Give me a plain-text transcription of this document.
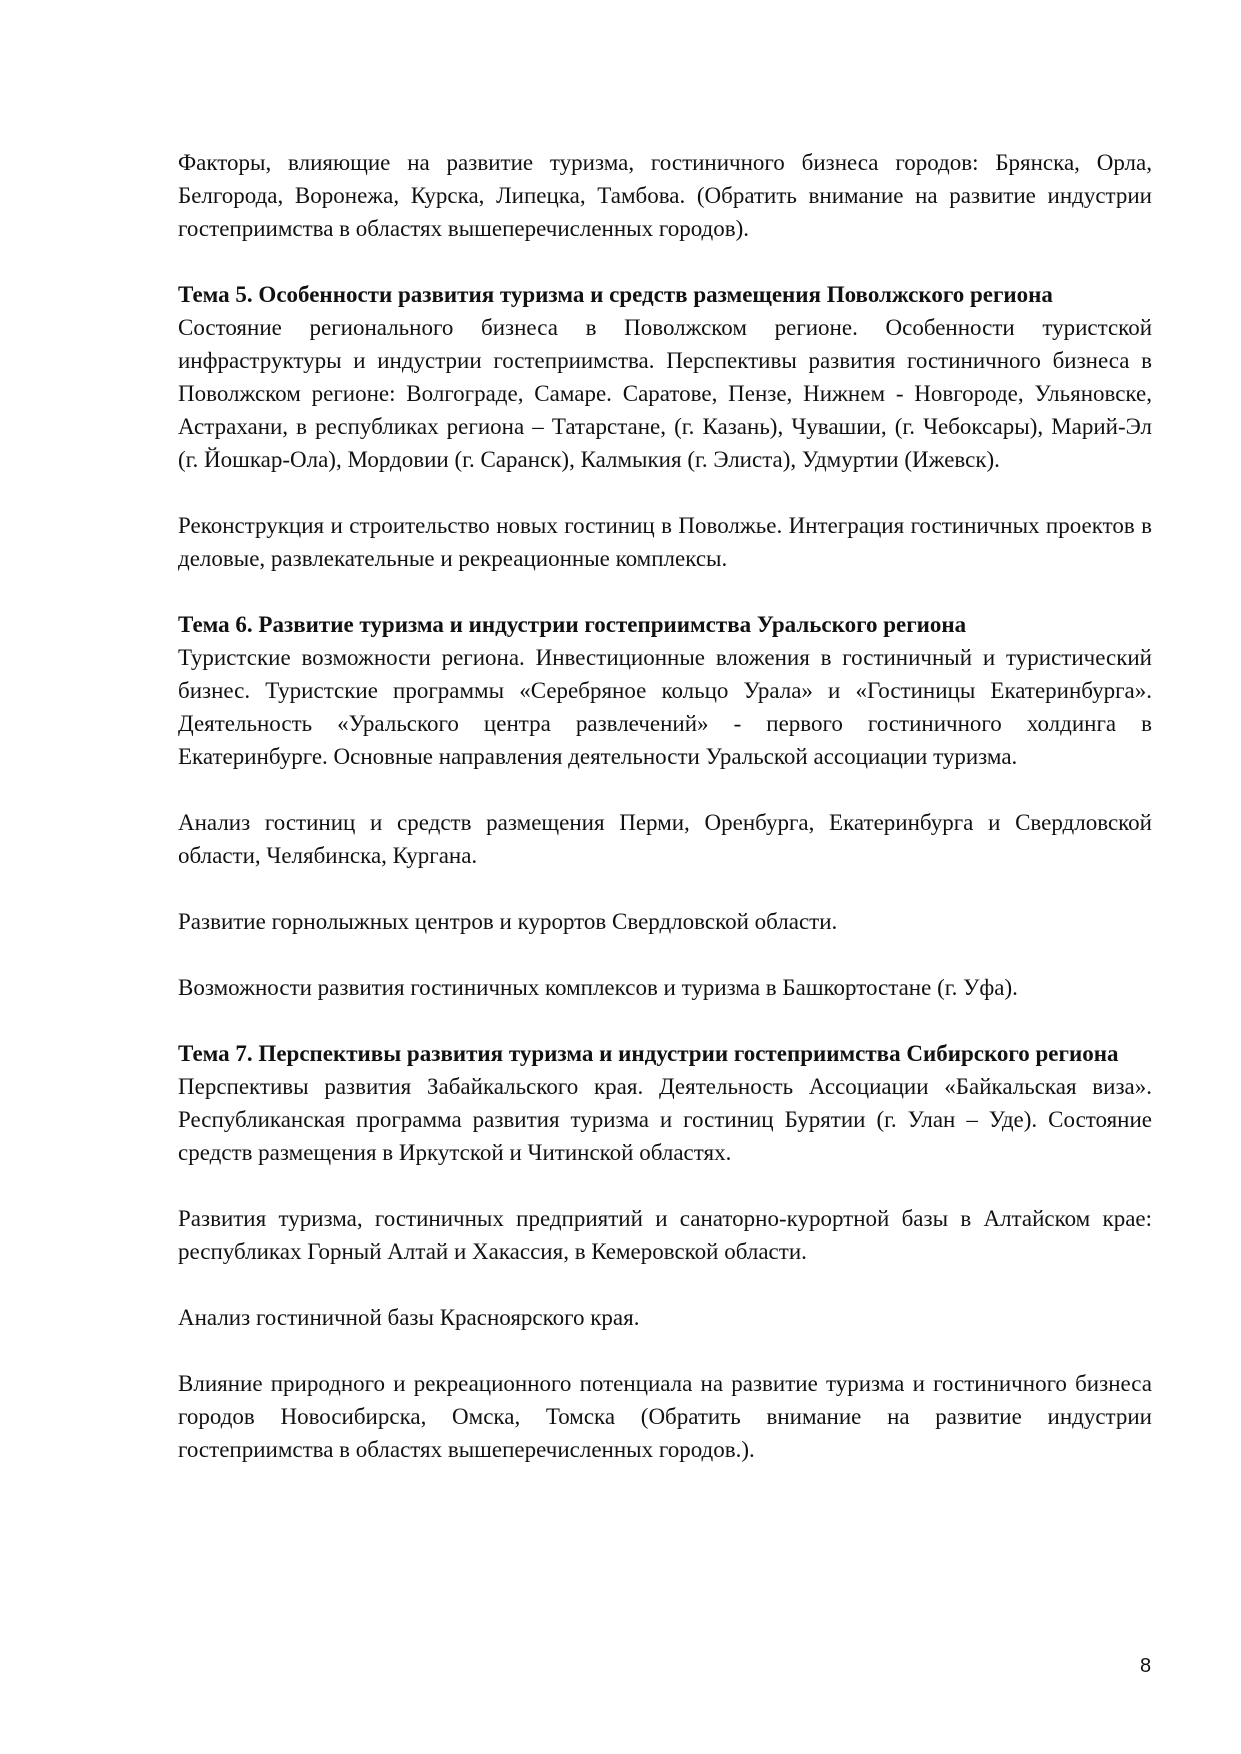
Факторы, влияющие на развитие туризма, гостиничного бизнеса городов: Брянска, Орла, Белгорода, Воронежа, Курска, Липецка, Тамбова. (Обратить внимание на развитие индустрии гостеприимства в областях вышеперечисленных городов).

Тема 5. Особенности развития туризма и средств размещения Поволжского региона

Состояние регионального бизнеса в Поволжском регионе. Особенности туристской инфраструктуры и индустрии гостеприимства. Перспективы развития гостиничного бизнеса в Поволжском регионе: Волгограде, Самаре. Саратове, Пензе, Нижнем - Новгороде, Ульяновске, Астрахани, в республиках региона – Татарстане, (г. Казань), Чувашии, (г. Чебоксары), Марий-Эл (г. Йошкар-Ола), Мордовии (г. Саранск), Калмыкия (г. Элиста), Удмуртии (Ижевск).

Реконструкция и строительство новых гостиниц в Поволжье. Интеграция гостиничных проектов в деловые, развлекательные и рекреационные комплексы.

Тема 6. Развитие туризма и индустрии гостеприимства Уральского региона

Туристские возможности региона. Инвестиционные вложения в гостиничный и туристический бизнес. Туристские программы «Серебряное кольцо Урала» и «Гостиницы Екатеринбурга». Деятельность «Уральского центра развлечений» - первого гостиничного холдинга в Екатеринбурге. Основные направления деятельности Уральской ассоциации туризма.

Анализ гостиниц и средств размещения Перми, Оренбурга, Екатеринбурга и Свердловской области, Челябинска, Кургана.

Развитие горнолыжных центров и курортов Свердловской области.

Возможности развития гостиничных комплексов и туризма в Башкортостане (г. Уфа).

Тема 7. Перспективы развития туризма и индустрии гостеприимства Сибирского региона

Перспективы развития Забайкальского края. Деятельность Ассоциации «Байкальская виза». Республиканская программа развития туризма и гостиниц Бурятии (г. Улан – Уде). Состояние средств размещения в Иркутской и Читинской областях.

Развития туризма, гостиничных предприятий и санаторно-курортной базы в Алтайском крае: республиках Горный Алтай и Хакассия, в Кемеровской области.

Анализ гостиничной базы Красноярского края.

Влияние природного и рекреационного потенциала на развитие туризма и гостиничного бизнеса городов Новосибирска, Омска, Томска (Обратить внимание на развитие индустрии гостеприимства в областях вышеперечисленных городов.).

8
